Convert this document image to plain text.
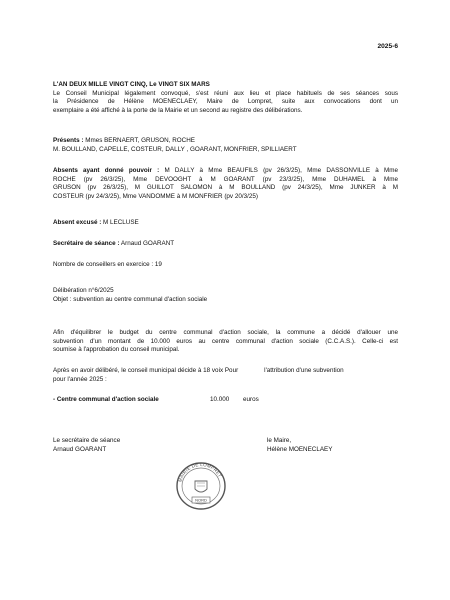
2025-6
L'AN DEUX MILLE VINGT CINQ, Le VINGT SIX MARS
Le Conseil Municipal légalement convoqué, s'est réuni aux lieu et place habituels de ses séances sous
la Présidence de Hélène MOENECLAEY, Maire de Lompret, suite aux convocations dont un
exemplaire a été affiché à la porte de la Mairie et un second au registre des délibérations.
Présents : Mmes BERNAERT, GRUSON, ROCHE
M. BOULLAND, CAPELLE, COSTEUR, DALLY , GOARANT, MONFRIER, SPILLIAERT
Absents ayant donné pouvoir : M DALLY à Mme BEAUFILS (pv 26/3/25), Mme DASSONVILLE à Mme
ROCHE (pv 26/3/25), Mme DEVOOGHT à M GOARANT (pv 23/3/25), Mme DUHAMEL à Mme
GRUSON (pv 26/3/25), M GUILLOT SALOMON à M BOULLAND (pv 24/3/25), Mme JUNKER à M
COSTEUR (pv 24/3/25), Mme VANDOMME à M MONFRIER (pv 20/3/25)
Absent excusé : M LECLUSE
Secrétaire de séance : Arnaud GOARANT
Nombre de conseillers en exercice : 19
Délibération n°6/2025
Objet : subvention au centre communal d'action sociale
Afin d'équilibrer le budget du centre communal d'action sociale, la commune a décidé d'allouer une
subvention d'un montant de 10.000 euros au centre communal d'action sociale (C.C.A.S.). Celle-ci est
soumise à l'approbation du conseil municipal.
Après en avoir délibéré, le conseil municipal décide à 18 voix Pour	l'attribution d'une subvention
pour l'année 2025 :
- Centre communal d'action sociale	10.000 euros
Le secrétaire de séance
Arnaud GOARANT
le Maire,
Hélène MOENECLAEY
MAIRIE DE LOMPRET
NORD
